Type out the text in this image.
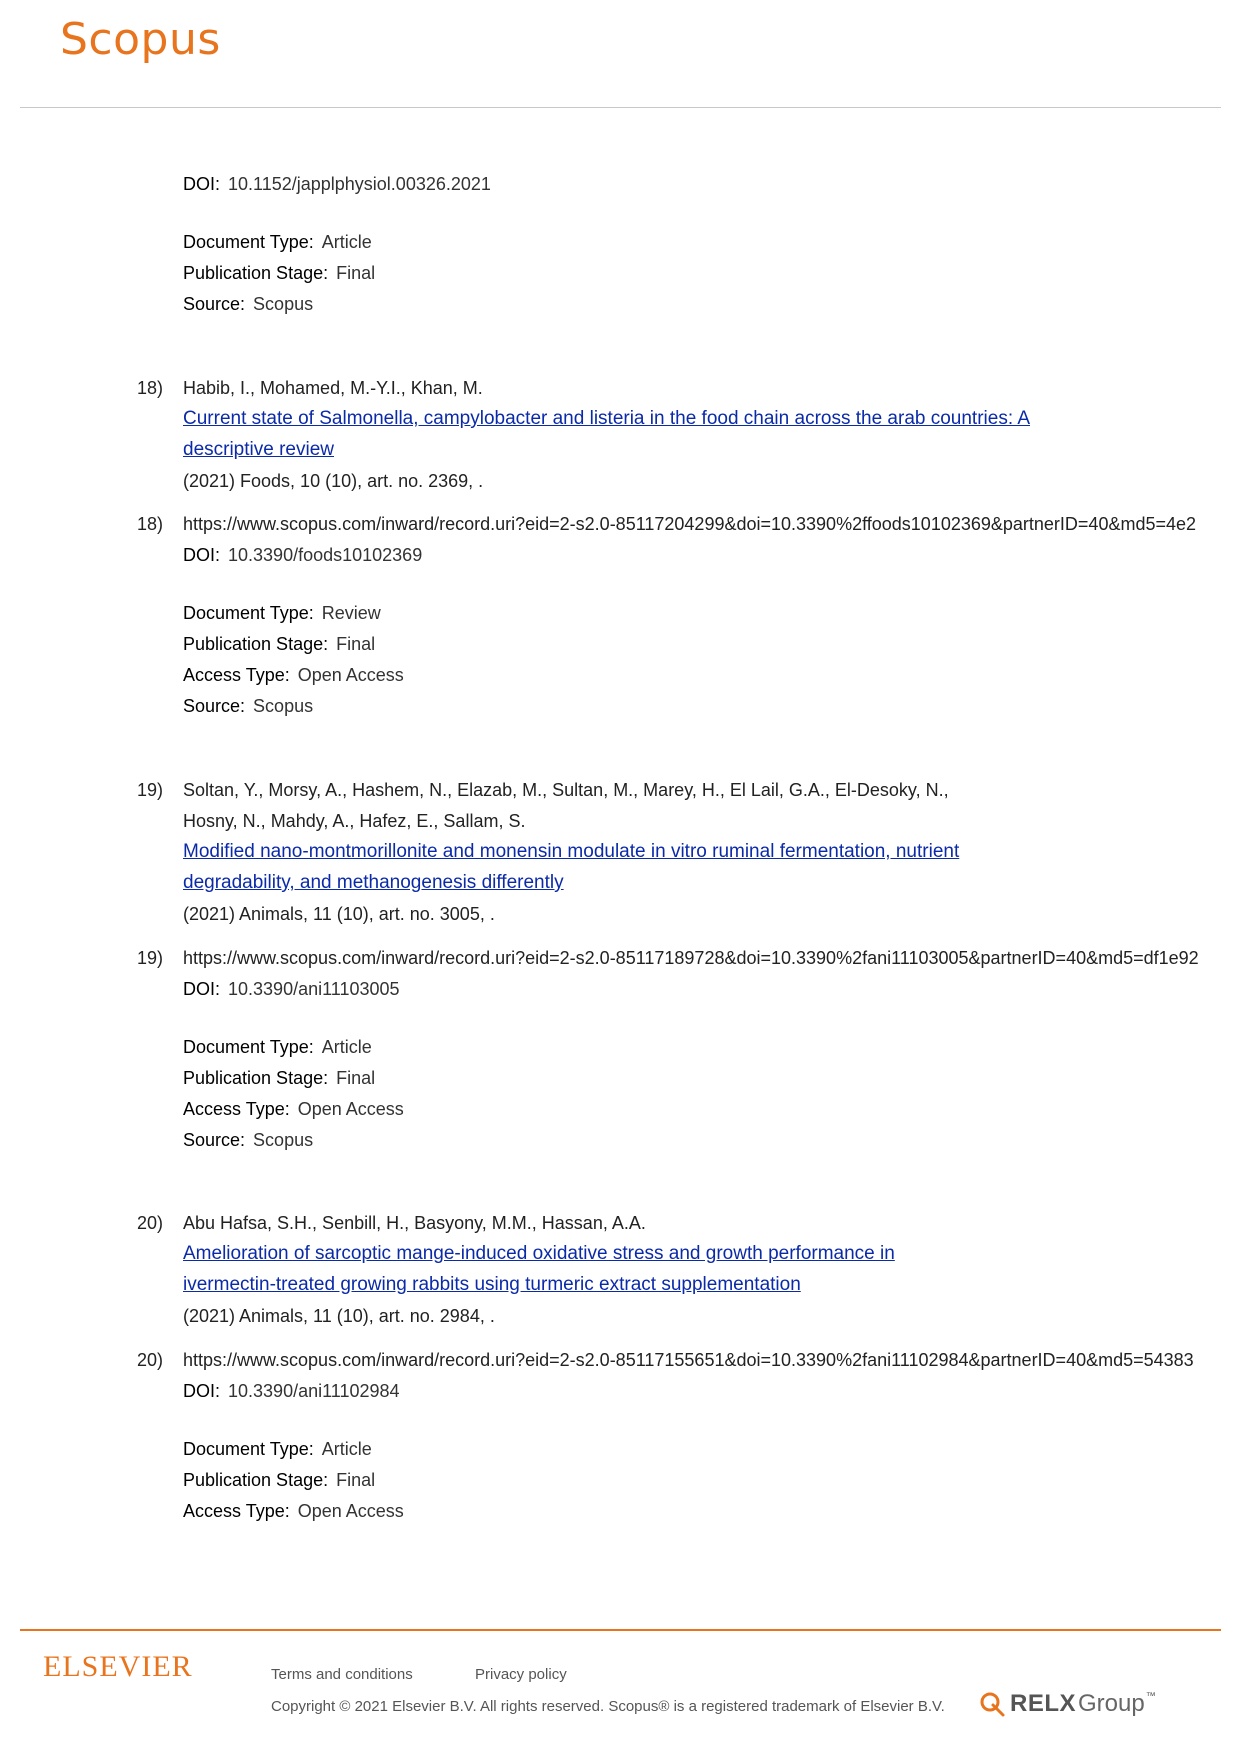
Scopus
DOI: 10.1152/japplphysiol.00326.2021
Document Type: Article
Publication Stage: Final
Source: Scopus
18) Habib, I., Mohamed, M.-Y.I., Khan, M.
Current state of Salmonella, campylobacter and listeria in the food chain across the arab countries: A
descriptive review
(2021) Foods, 10 (10), art. no. 2369, .
18) https://www.scopus.com/inward/record.uri?eid=2-s2.0-85117204299&doi=10.3390%2ffoods10102369&partnerID=40&md5=4e2
DOI: 10.3390/foods10102369
Document Type: Review
Publication Stage: Final
Access Type: Open Access
Source: Scopus
19) Soltan, Y., Morsy, A., Hashem, N., Elazab, M., Sultan, M., Marey, H., El Lail, G.A., El-Desoky, N.,
Hosny, N., Mahdy, A., Hafez, E., Sallam, S.
Modified nano-montmorillonite and monensin modulate in vitro ruminal fermentation, nutrient
degradability, and methanogenesis differently
(2021) Animals, 11 (10), art. no. 3005, .
19) https://www.scopus.com/inward/record.uri?eid=2-s2.0-85117189728&doi=10.3390%2fani11103005&partnerID=40&md5=df1e92
DOI: 10.3390/ani11103005
Document Type: Article
Publication Stage: Final
Access Type: Open Access
Source: Scopus
20) Abu Hafsa, S.H., Senbill, H., Basyony, M.M., Hassan, A.A.
Amelioration of sarcoptic mange-induced oxidative stress and growth performance in
ivermectin-treated growing rabbits using turmeric extract supplementation
(2021) Animals, 11 (10), art. no. 2984, .
20) https://www.scopus.com/inward/record.uri?eid=2-s2.0-85117155651&doi=10.3390%2fani11102984&partnerID=40&md5=54383
DOI: 10.3390/ani11102984
Document Type: Article
Publication Stage: Final
Access Type: Open Access
ELSEVIER	Terms and conditions	Privacy policy
Copyright © 2021 Elsevier B.V. All rights reserved. Scopus® is a registered trademark of Elsevier B.V.	RELX Group ™
